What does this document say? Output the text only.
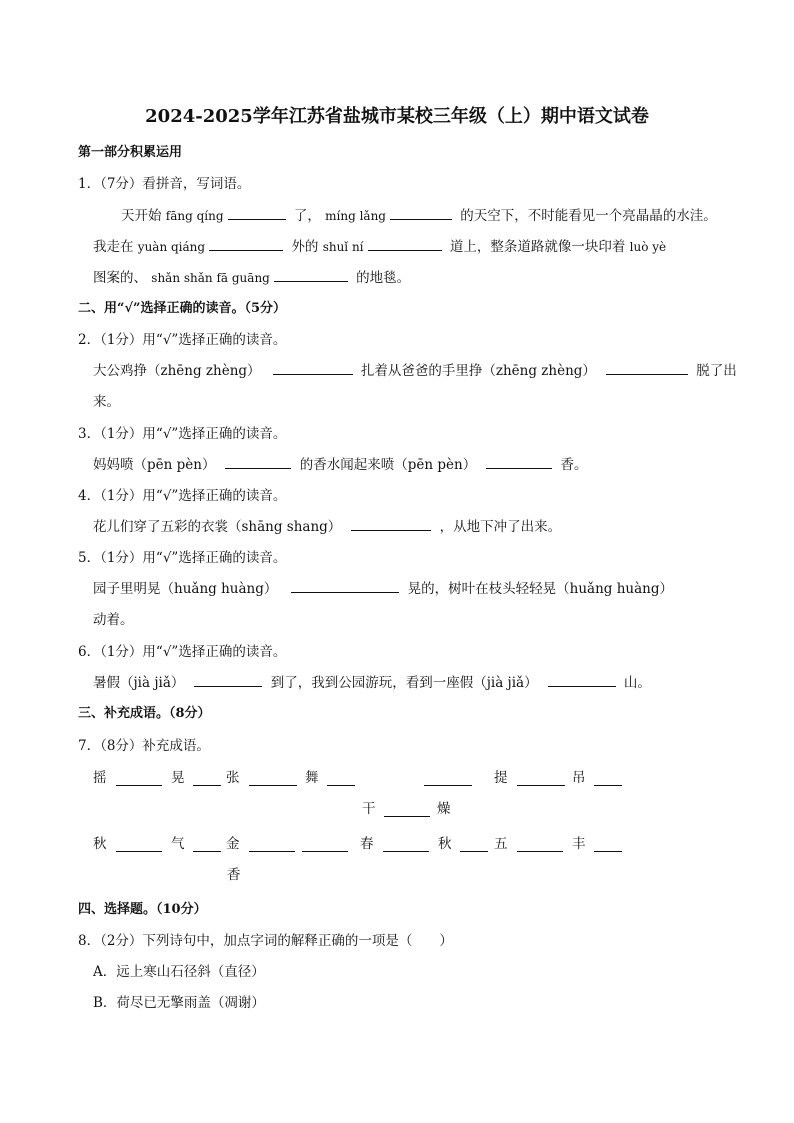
2024-2025学年江苏省盐城市某校三年级（上）期中语文试卷
第一部分积累运用
1．（7分）看拼音，写词语。
天开始 fāng qíng	了， míng lǎng	的天空下，不时能看见一个亮晶晶的水洼。
我走在 yuàn qiáng	外的 shuǐ ní	道上，整条道路就像一块印着 luò yè
图案的、 shǎn shǎn fā guāng	的地毯。
二、用“√”选择正确的读音。（5分）
2．（1分）用“√”选择正确的读音。
大公鸡挣（zhēng zhèng）	扎着从爸爸的手里挣（zhēng zhèng）	脱了出
来。
3．（1分）用“√”选择正确的读音。
妈妈喷（pēn pèn）	的香水闻起来喷（pēn pèn）	香。
4．（1分）用“√”选择正确的读音。
花儿们穿了五彩的衣裳（shāng shang）	，从地下冲了出来。
5．（1分）用“√”选择正确的读音。
园子里明晃（huǎng huàng）	晃的，树叶在枝头轻轻晃（huǎng huàng）
动着。
6．（1分）用“√”选择正确的读音。
暑假（jià jiǎ）	到了，我到公园游玩，看到一座假（jià jiǎ）	山。
三、补充成语。（8分）
7．（8分）补充成语。
摇	晃	张	舞	提	吊
干	燥
秋	气	金	春	秋	五	丰
香
四、选择题。（10分）
8．（2分）下列诗句中，加点字词的解释正确的一项是（　　）
A．远上寒山石径斜（直径）
B．荷尽已无擎雨盖（凋谢）
